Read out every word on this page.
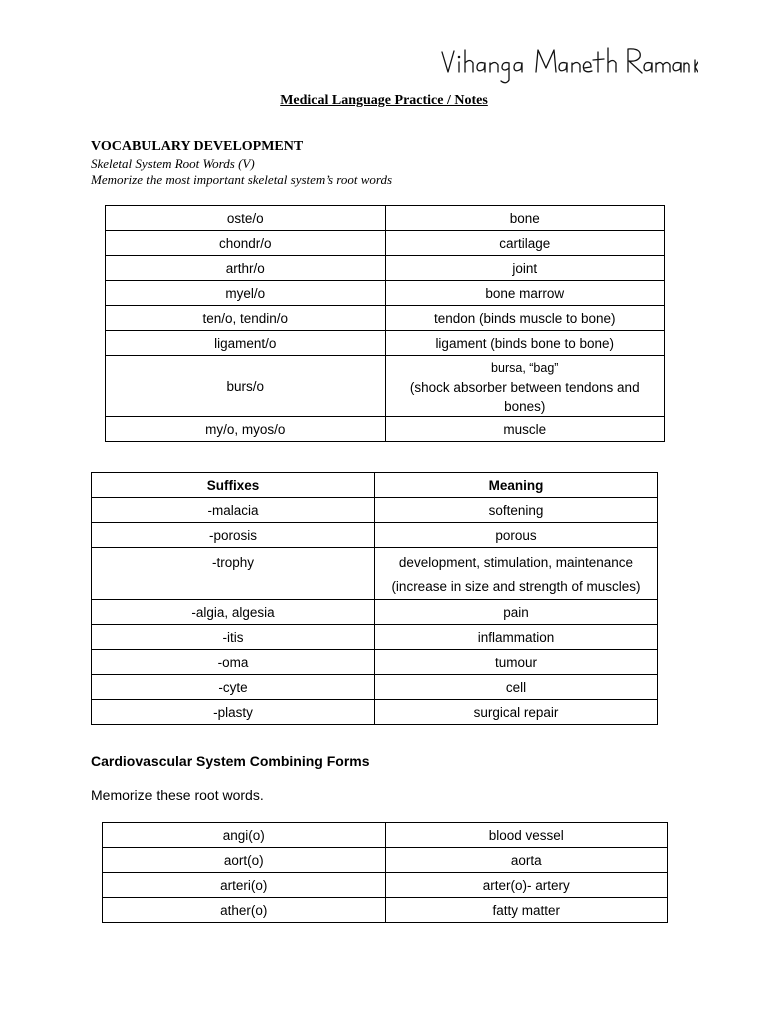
Medical Language Practice / Notes
VOCABULARY DEVELOPMENT
Skeletal System Root Words (V)
Memorize the most important skeletal system’s root words
oste/o	bone
chondr/o	cartilage
arthr/o	joint
myel/o	bone marrow
ten/o, tendin/o	tendon (binds muscle to bone)
ligament/o	ligament (binds bone to bone)
burs/o	bursa, “bag”
(shock absorber between tendons and bones)

my/o, myos/o	muscle
Suffixes	Meaning
-malacia	softening
-porosis	porous
-trophy	development, stimulation, maintenance
(increase in size and strength of muscles)

-algia, algesia	pain
-itis	inflammation
-oma	tumour
-cyte	cell
-plasty	surgical repair
Cardiovascular System Combining Forms
Memorize these root words.
angi(o)	blood vessel
aort(o)	aorta
arteri(o)	arter(o)- artery
ather(o)	fatty matter
